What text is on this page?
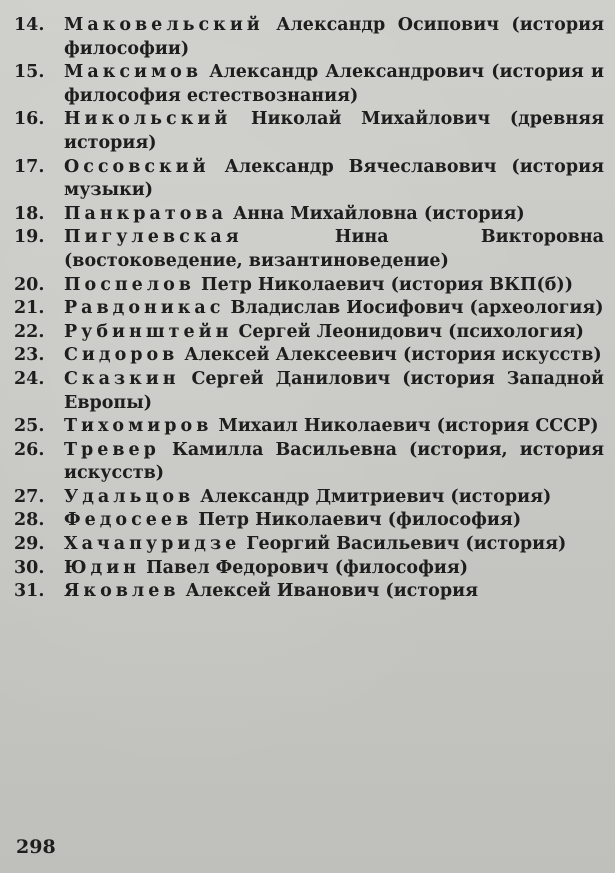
14.	Маковельский Александр Осипович (история философии)
15.	Максимов Александр Александрович (история и философия естествознания)
16.	Никольский Николай Михайлович (древняя история)
17.	Оссовский Александр Вячеславович (история музыки)
18.	Панкратова Анна Михайловна (история)
19.	Пигулевская Нина Викторовна (востоковедение, византиноведение)
20.	Поспелов Петр Николаевич (история ВКП(б))
21.	Равдоникас Владислав Иосифович (археология)
22.	Рубинштейн Сергей Леонидович (психология)
23.	Сидоров Алексей Алексеевич (история искусств)
24.	Сказкин Сергей Данилович (история Западной Европы)
25.	Тихомиров Михаил Николаевич (история СССР)
26.	Тревер Камилла Васильевна (история, история искусств)
27.	Удальцов Александр Дмитриевич (история)
28.	Федосеев Петр Николаевич (философия)
29.	Хачапуридзе Георгий Васильевич (история)
30.	Юдин Павел Федорович (философия)
31.	Яковлев Алексей Иванович (история
298
